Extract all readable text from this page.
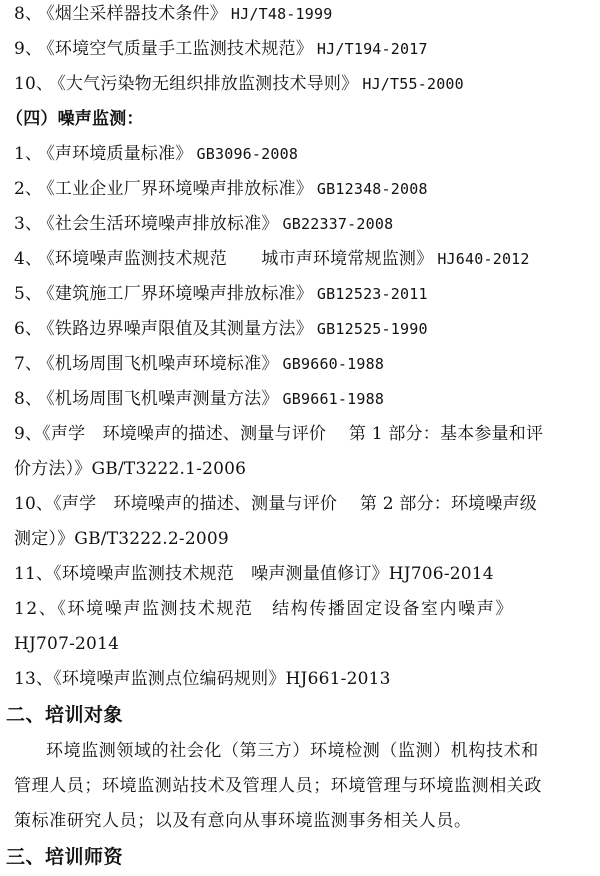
8、 《烟尘采样器技术条件》 HJ/T48-1999
9、 《环境空气质量手工监测技术规范》 HJ/T194-2017
10、 《大气污染物无组织排放监测技术导则》 HJ/T55-2000
（四）噪声监测：
1、 《声环境质量标准》 GB3096-2008
2、 《工业企业厂界环境噪声排放标准》 GB12348-2008
3、 《社会生活环境噪声排放标准》 GB22337-2008
4、 《环境噪声监测技术规范　　城市声环境常规监测》 HJ640-2012
5、 《建筑施工厂界环境噪声排放标准》 GB12523-2011
6、 《铁路边界噪声限值及其测量方法》 GB12525-1990
7、 《机场周围飞机噪声环境标准》 GB9660-1988
8、 《机场周围飞机噪声测量方法》 GB9661-1988
9、《声学　环境噪声的描述、测量与评价　 第 1 部分：基本参量和评
价方法）》GB/T3222.1-2006
10、《声学　环境噪声的描述、测量与评价　 第 2 部分：环境噪声级
测定）》GB/T3222.2-2009
11、《环境噪声监测技术规范　噪声测量值修订》HJ706-2014
12、《环境噪声监测技术规范　结构传播固定设备室内噪声》
HJ707-2014
13、《环境噪声监测点位编码规则》HJ661-2013
二、培训对象
环境监测领域的社会化（第三方）环境检测（监测）机构技术和
管理人员；环境监测站技术及管理人员；环境管理与环境监测相关政
策标准研究人员；以及有意向从事环境监测事务相关人员。
三、培训师资
